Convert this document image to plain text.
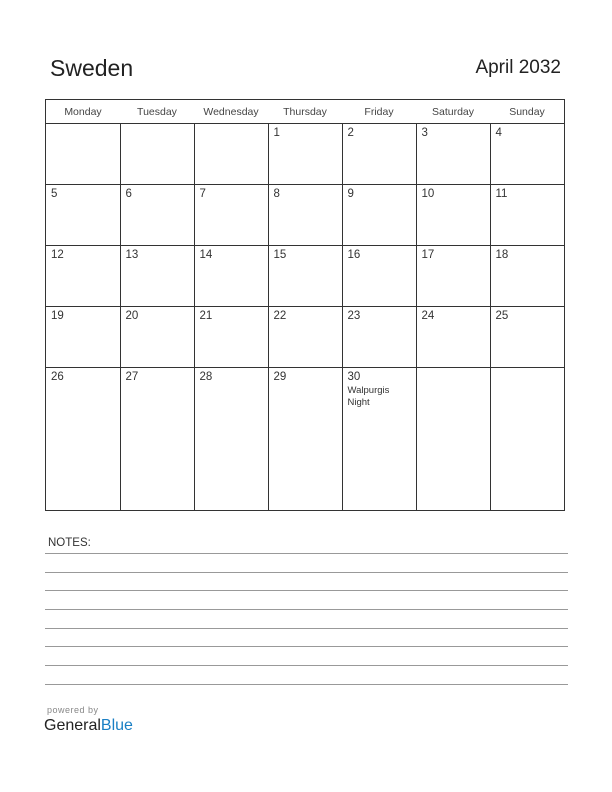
Sweden	April 2032
Monday	Tuesday	Wednesday	Thursday	Friday	Saturday	Sunday

			1	2	3	4

5	6	7	8	9	10	11

12	13	14	15	16	17	18

19	20	21	22	23	24	25

26	27	28	29	30
Walpurgis Night		

NOTES:
powered by
GeneralBlue
